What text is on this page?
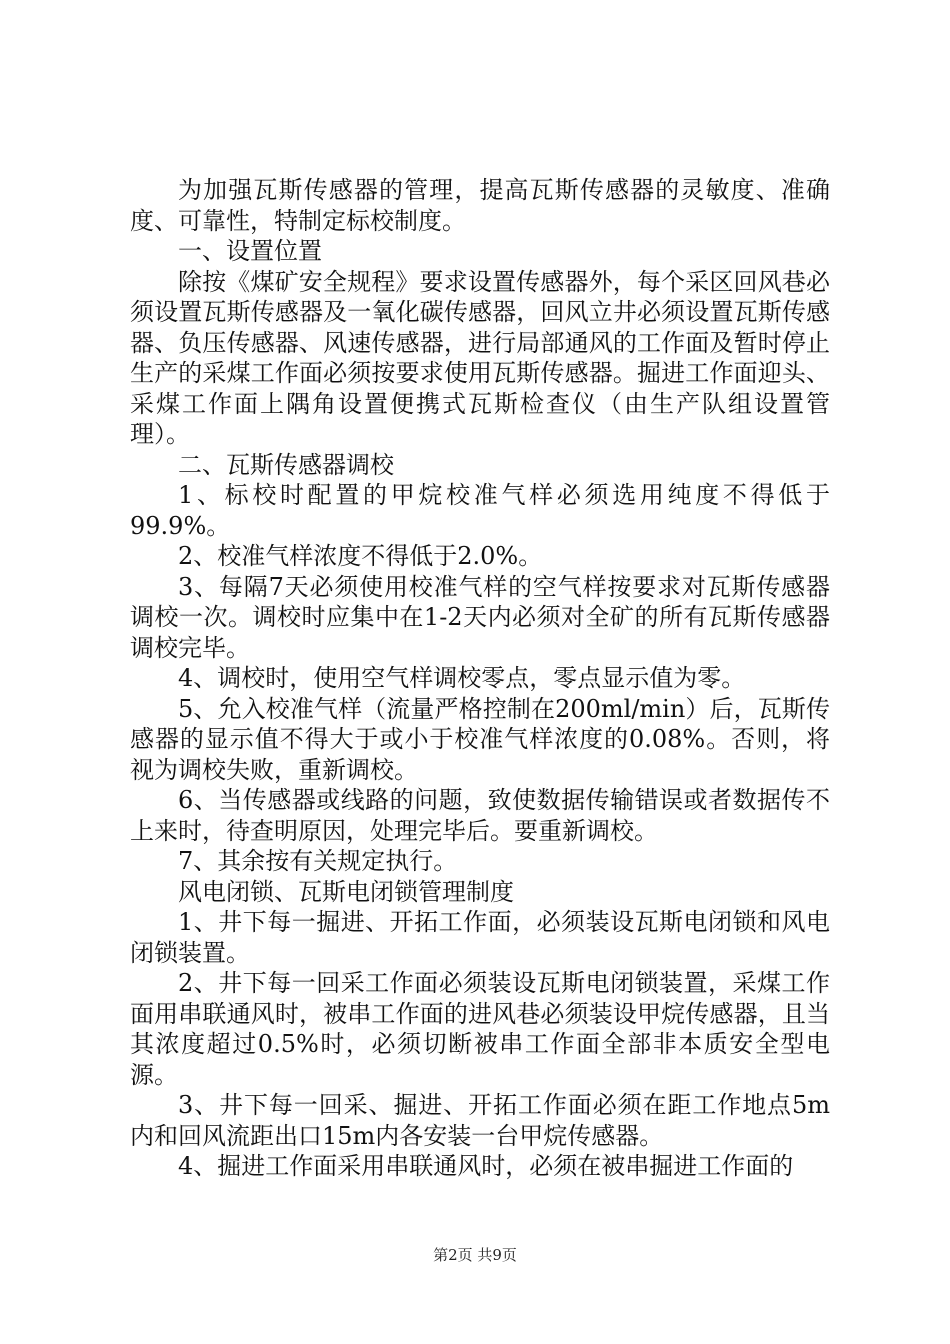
为加强瓦斯传感器的管理，提高瓦斯传感器的灵敏度、准确度、可靠性，特制定标校制度。

一、设置位置

除按《煤矿安全规程》要求设置传感器外，每个采区回风巷必须设置瓦斯传感器及一氧化碳传感器，回风立井必须设置瓦斯传感器、负压传感器、风速传感器，进行局部通风的工作面及暂时停止生产的采煤工作面必须按要求使用瓦斯传感器。掘进工作面迎头、采煤工作面上隅角设置便携式瓦斯检查仪（由生产队组设置管理）。

二、瓦斯传感器调校

1、标校时配置的甲烷校准气样必须选用纯度不得低于99.9%。

2、校准气样浓度不得低于2.0%。

3、每隔7天必须使用校准气样的空气样按要求对瓦斯传感器调校一次。调校时应集中在1-2天内必须对全矿的所有瓦斯传感器调校完毕。

4、调校时，使用空气样调校零点，零点显示值为零。

5、允入校准气样（流量严格控制在200ml/min）后，瓦斯传感器的显示值不得大于或小于校准气样浓度的0.08%。否则，将视为调校失败，重新调校。

6、当传感器或线路的问题，致使数据传输错误或者数据传不上来时，待查明原因，处理完毕后。要重新调校。

7、其余按有关规定执行。

风电闭锁、瓦斯电闭锁管理制度

1、井下每一掘进、开拓工作面，必须装设瓦斯电闭锁和风电闭锁装置。

2、井下每一回采工作面必须装设瓦斯电闭锁装置，采煤工作面用串联通风时，被串工作面的进风巷必须装设甲烷传感器，且当其浓度超过0.5%时，必须切断被串工作面全部非本质安全型电源。

3、井下每一回采、掘进、开拓工作面必须在距工作地点5m内和回风流距出口15m内各安装一台甲烷传感器。

4、掘进工作面采用串联通风时，必须在被串掘进工作面的

第2页 共9页
